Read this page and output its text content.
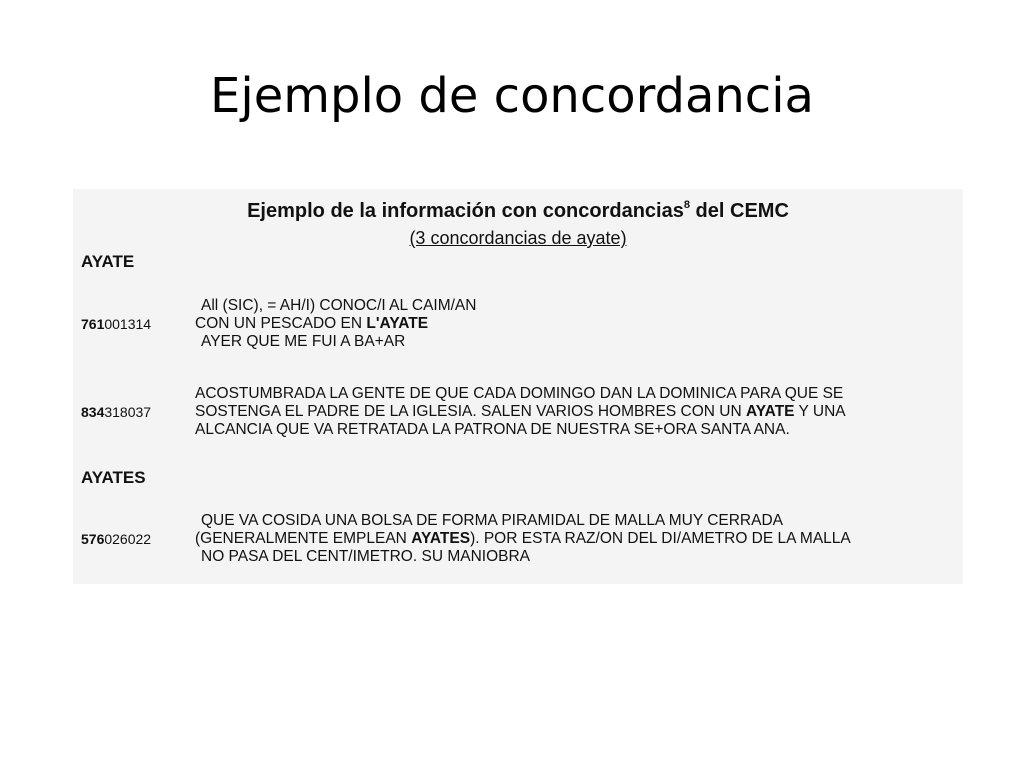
Ejemplo de concordancia
Ejemplo de la información con concordancias$^8$ del CEMC
(3 concordancias de ayate)
AYATE
761001314
All (SIC), = AH/I) CONOC/I AL CAIM/AN
CON UN PESCADO EN L'AYATE
AYER QUE ME FUI A BA+AR
834318037
ACOSTUMBRADA LA GENTE DE QUE CADA DOMINGO DAN LA DOMINICA PARA QUE SE
SOSTENGA EL PADRE DE LA IGLESIA. SALEN VARIOS HOMBRES CON UN AYATE Y UNA
ALCANCIA QUE VA RETRATADA LA PATRONA DE NUESTRA SE+ORA SANTA ANA.
AYATES
576026022
QUE VA COSIDA UNA BOLSA DE FORMA PIRAMIDAL DE MALLA MUY CERRADA
(GENERALMENTE EMPLEAN AYATES). POR ESTA RAZ/ON DEL DI/AMETRO DE LA MALLA
NO PASA DEL CENT/IMETRO. SU MANIOBRA
